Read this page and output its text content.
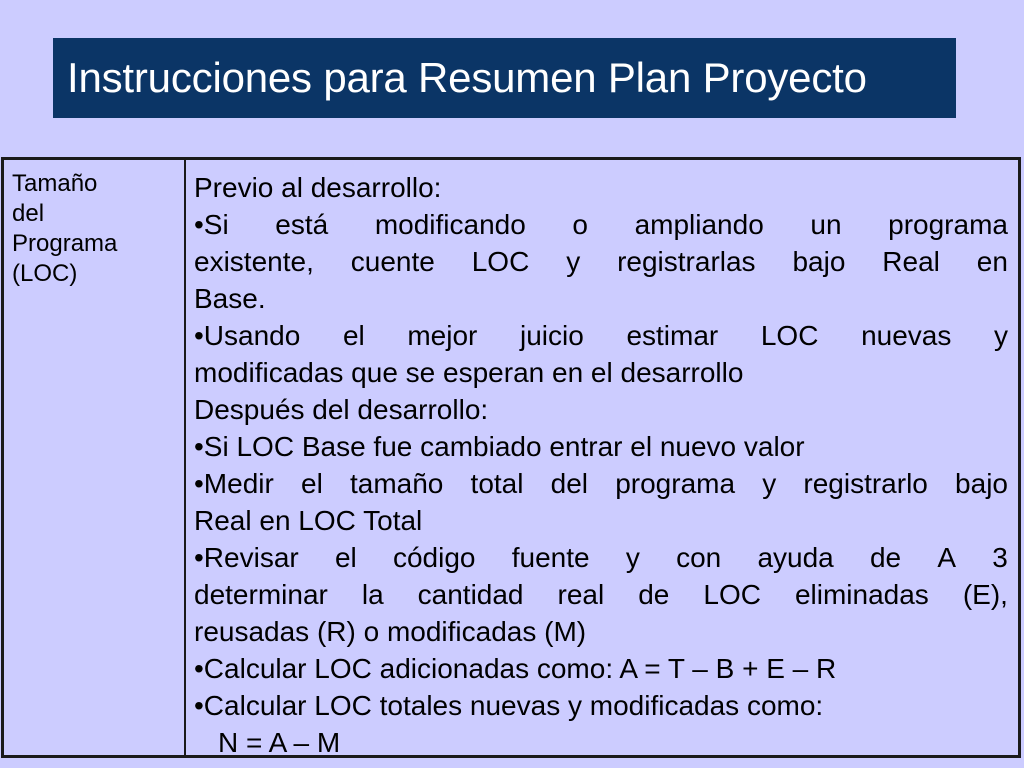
Instrucciones para Resumen Plan Proyecto
Tamaño
del
Programa
(LOC)
Previo al desarrollo:
•Si está modificando o ampliando un programa
existente, cuente LOC y registrarlas bajo Real en
Base.
•Usando el mejor juicio estimar LOC nuevas y
modificadas que se esperan en el desarrollo
Después del desarrollo:
•Si LOC Base fue cambiado entrar el nuevo valor
•Medir el tamaño total del programa y registrarlo bajo
Real en LOC Total
•Revisar el código fuente y con ayuda de A 3
determinar la cantidad real de LOC eliminadas (E),
reusadas (R) o modificadas (M)
•Calcular LOC adicionadas como: A = T – B + E – R
•Calcular LOC totales nuevas y modificadas como:
N = A – M
